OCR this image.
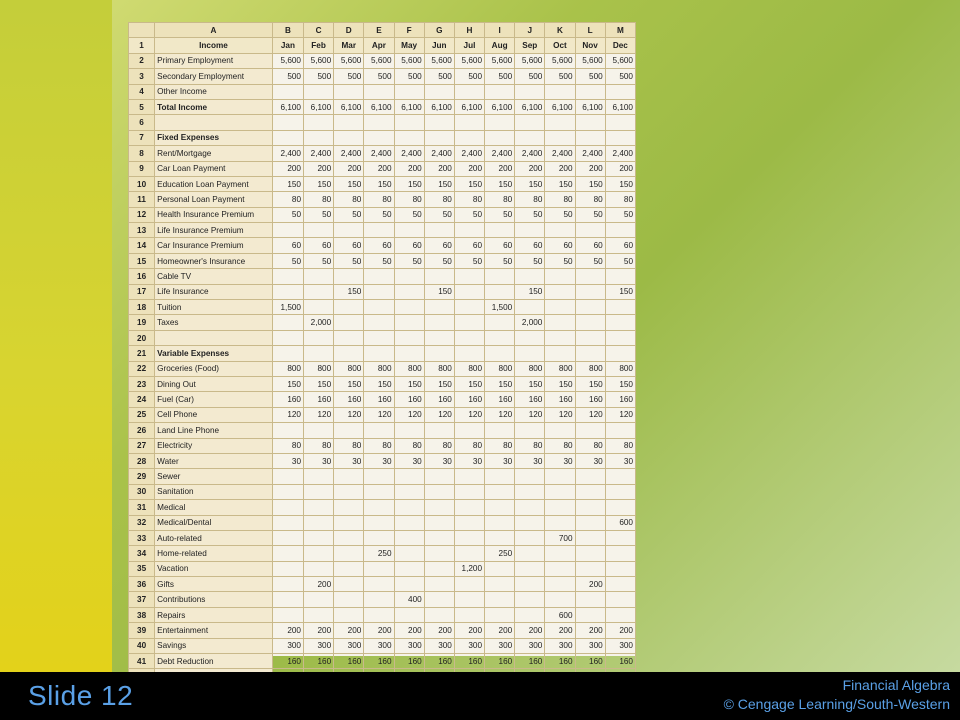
	A	B	C	D	E	F	G	H	I	J	K	L	M
1	Income	Jan	Feb	Mar	Apr	May	Jun	Jul	Aug	Sep	Oct	Nov	Dec
2	Primary Employment	5,600	5,600	5,600	5,600	5,600	5,600	5,600	5,600	5,600	5,600	5,600	5,600
3	Secondary Employment	500	500	500	500	500	500	500	500	500	500	500	500
4	Other Income												
5	Total Income	6,100	6,100	6,100	6,100	6,100	6,100	6,100	6,100	6,100	6,100	6,100	6,100
6													
7	Fixed Expenses												
8	Rent/Mortgage	2,400	2,400	2,400	2,400	2,400	2,400	2,400	2,400	2,400	2,400	2,400	2,400
9	Car Loan Payment	200	200	200	200	200	200	200	200	200	200	200	200
10	Education Loan Payment	150	150	150	150	150	150	150	150	150	150	150	150
11	Personal Loan Payment	80	80	80	80	80	80	80	80	80	80	80	80
12	Health Insurance Premium	50	50	50	50	50	50	50	50	50	50	50	50
13	Life Insurance Premium												
14	Car Insurance Premium	60	60	60	60	60	60	60	60	60	60	60	60
15	Homeowner's Insurance	50	50	50	50	50	50	50	50	50	50	50	50
16	Cable TV												
17	Life Insurance			150			150			150			150
18	Tuition	1,500							1,500				
19	Taxes		2,000							2,000			
20													
21	Variable Expenses												
22	Groceries (Food)	800	800	800	800	800	800	800	800	800	800	800	800
23	Dining Out	150	150	150	150	150	150	150	150	150	150	150	150
24	Fuel (Car)	160	160	160	160	160	160	160	160	160	160	160	160
25	Cell Phone	120	120	120	120	120	120	120	120	120	120	120	120
26	Land Line Phone												
27	Electricity	80	80	80	80	80	80	80	80	80	80	80	80
28	Water	30	30	30	30	30	30	30	30	30	30	30	30
29	Sewer												
30	Sanitation												
31	Medical												
32	Medical/Dental												600
33	Auto-related										700		
34	Home-related				250				250				
35	Vacation							1,200					
36	Gifts		200									200	
37	Contributions					400							
38	Repairs										600		
39	Entertainment	200	200	200	200	200	200	200	200	200	200	200	200
40	Savings	300	300	300	300	300	300	300	300	300	300	300	300
41	Debt Reduction	160	160	160	160	160	160	160	160	160	160	160	160

Slide 12	Financial Algebra
© Cengage Learning/South-Western
